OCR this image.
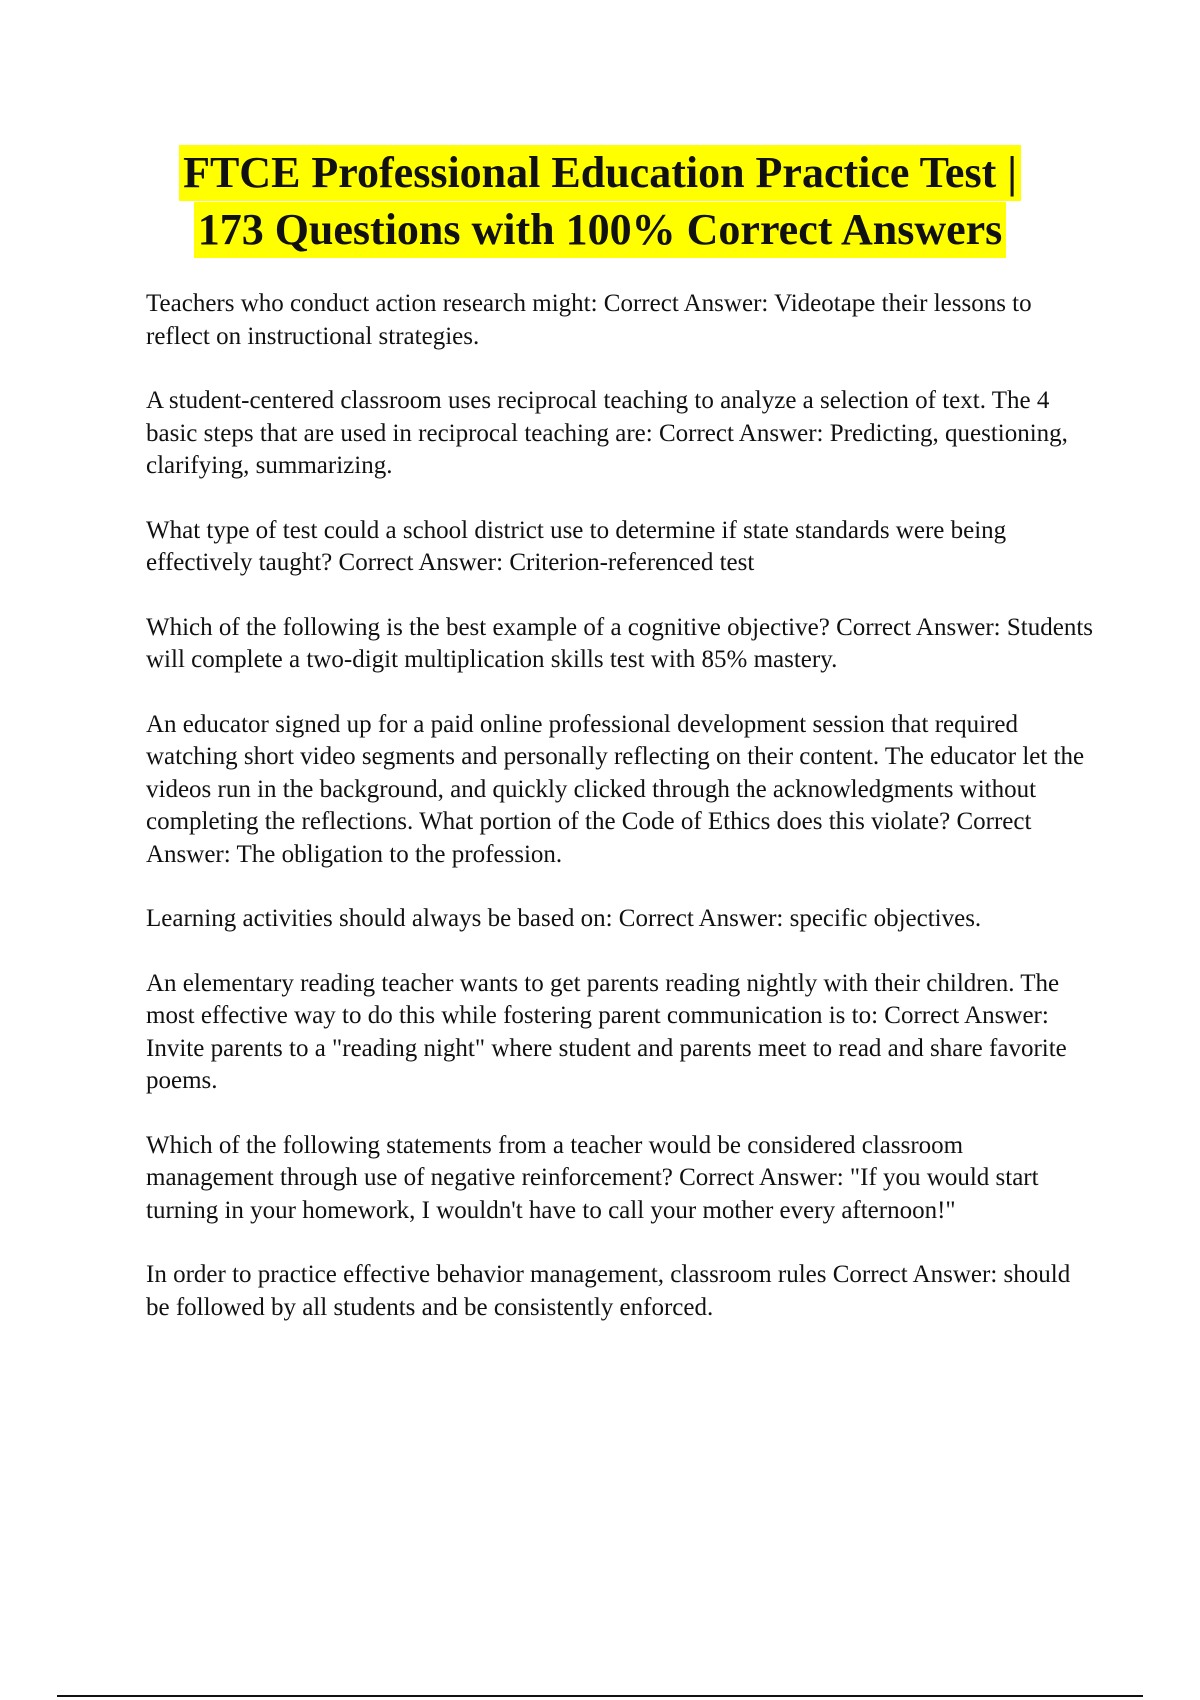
FTCE Professional Education Practice Test |
173 Questions with 100% Correct Answers

Teachers who conduct action research might: Correct Answer: Videotape their lessons to reflect on instructional strategies.

A student-centered classroom uses reciprocal teaching to analyze a selection of text. The 4 basic steps that are used in reciprocal teaching are: Correct Answer: Predicting, questioning, clarifying, summarizing.

What type of test could a school district use to determine if state standards were being effectively taught? Correct Answer: Criterion-referenced test

Which of the following is the best example of a cognitive objective? Correct Answer: Students will complete a two-digit multiplication skills test with 85% mastery.

An educator signed up for a paid online professional development session that required watching short video segments and personally reflecting on their content. The educator let the videos run in the background, and quickly clicked through the acknowledgments without completing the reflections. What portion of the Code of Ethics does this violate? Correct Answer: The obligation to the profession.

Learning activities should always be based on: Correct Answer: specific objectives.

An elementary reading teacher wants to get parents reading nightly with their children. The most effective way to do this while fostering parent communication is to: Correct Answer: Invite parents to a "reading night" where student and parents meet to read and share favorite poems.

Which of the following statements from a teacher would be considered classroom management through use of negative reinforcement? Correct Answer: "If you would start turning in your homework, I wouldn't have to call your mother every afternoon!"

In order to practice effective behavior management, classroom rules Correct Answer: should be followed by all students and be consistently enforced.
